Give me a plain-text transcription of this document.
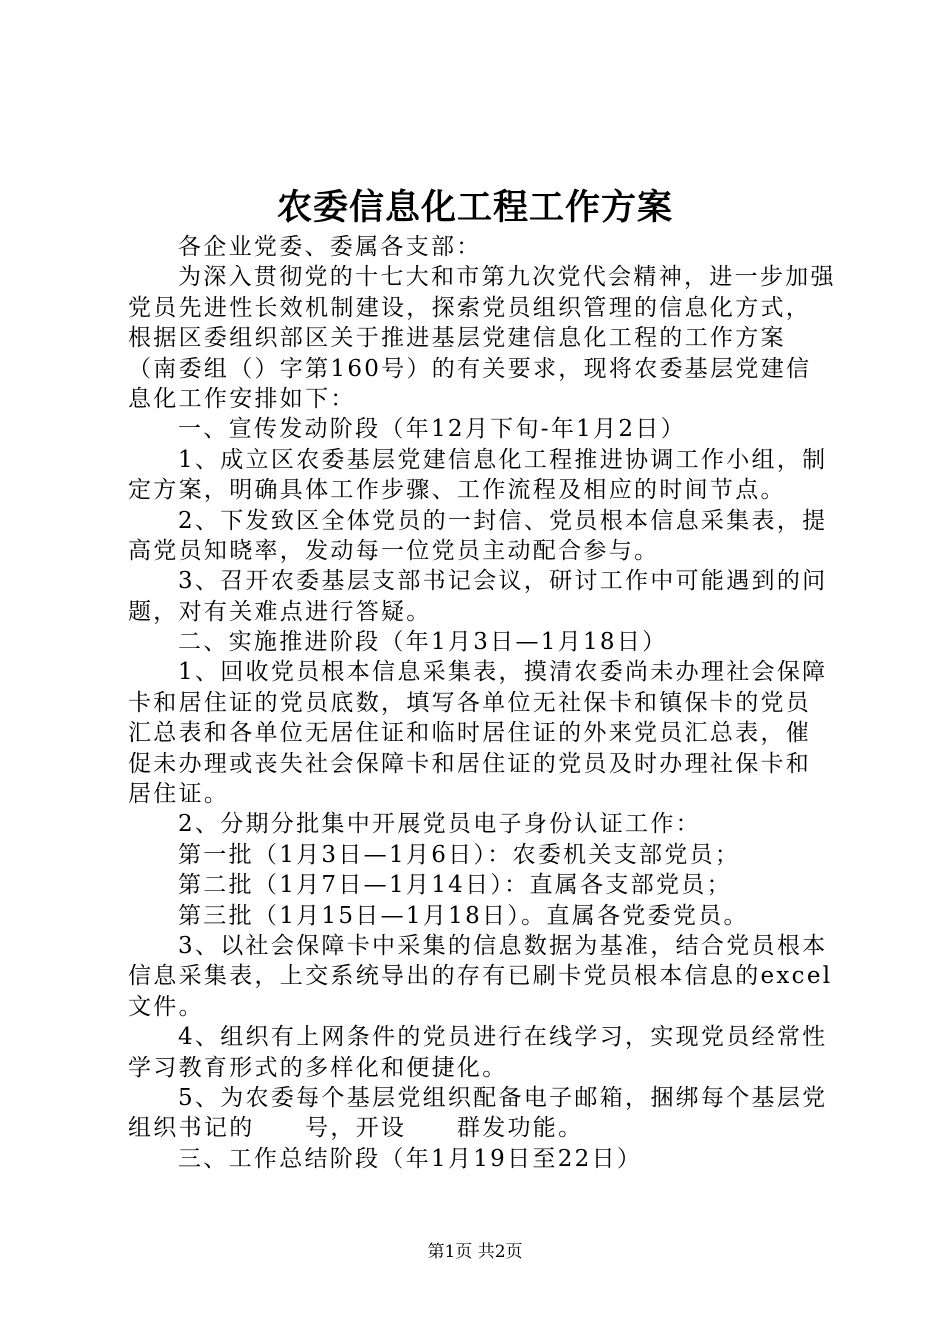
农委信息化工程工作方案
各企业党委、委属各支部：
为深入贯彻党的十七大和市第九次党代会精神，进一步加强
党员先进性长效机制建设，探索党员组织管理的信息化方式，
根据区委组织部区关于推进基层党建信息化工程的工作方案
（南委组（）字第160号）的有关要求，现将农委基层党建信
息化工作安排如下：
一、宣传发动阶段（年12月下旬-年1月2日）
1、成立区农委基层党建信息化工程推进协调工作小组，制
定方案，明确具体工作步骤、工作流程及相应的时间节点。
2、下发致区全体党员的一封信、党员根本信息采集表，提
高党员知晓率，发动每一位党员主动配合参与。
3、召开农委基层支部书记会议，研讨工作中可能遇到的问
题，对有关难点进行答疑。
二、实施推进阶段（年1月3日—1月18日）
1、回收党员根本信息采集表，摸清农委尚未办理社会保障
卡和居住证的党员底数，填写各单位无社保卡和镇保卡的党员
汇总表和各单位无居住证和临时居住证的外来党员汇总表，催
促未办理或丧失社会保障卡和居住证的党员及时办理社保卡和
居住证。
2、分期分批集中开展党员电子身份认证工作：
第一批（1月3日—1月6日）：农委机关支部党员；
第二批（1月7日—1月14日）：直属各支部党员；
第三批（1月15日—1月18日）。直属各党委党员。
3、以社会保障卡中采集的信息数据为基准，结合党员根本
信息采集表，上交系统导出的存有已刷卡党员根本信息的excel
文件。
4、组织有上网条件的党员进行在线学习，实现党员经常性
学习教育形式的多样化和便捷化。
5、为农委每个基层党组织配备电子邮箱，捆绑每个基层党
组织书记的　　号，开设　　群发功能。
三、工作总结阶段（年1月19日至22日）

第1页 共2页
